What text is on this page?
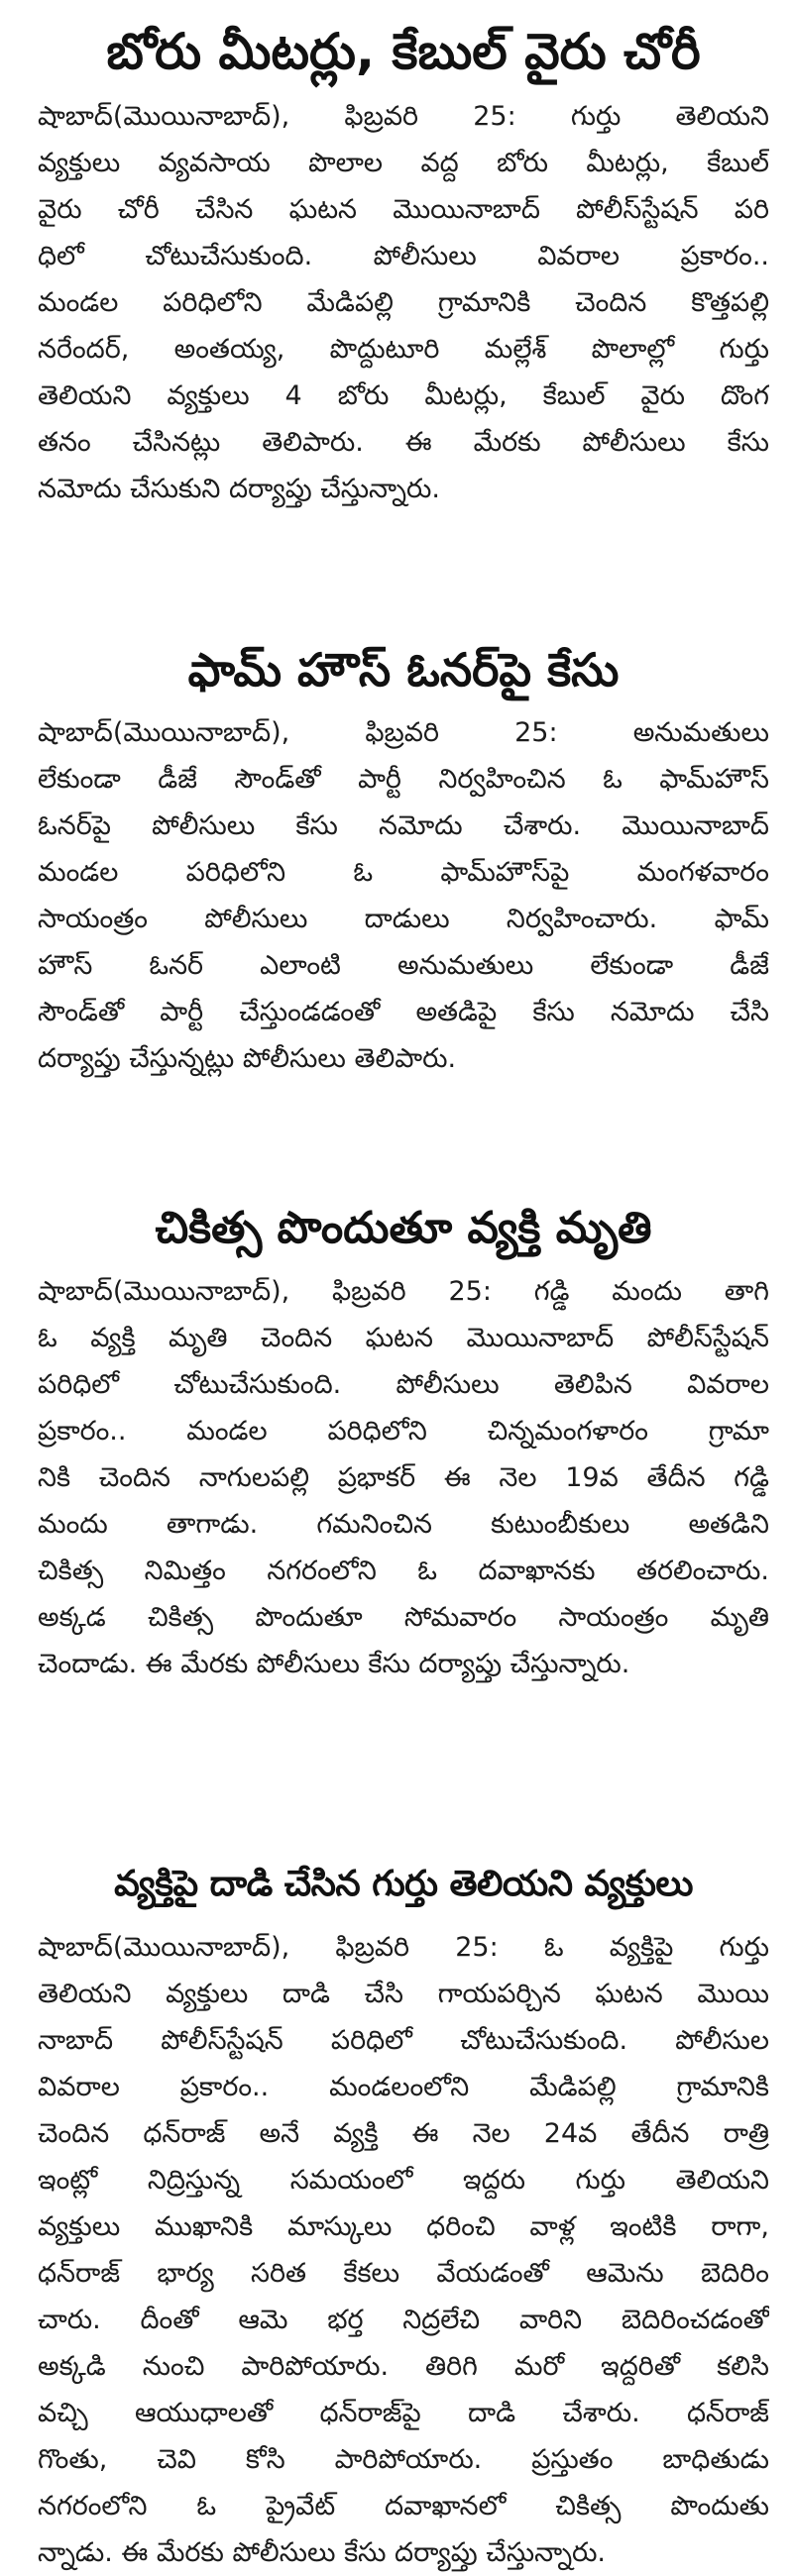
బోరు మీటర్లు, కేబుల్ వైరు చోరీ
షాబాద్(మొయినాబాద్), ఫిబ్రవరి 25: గుర్తు తెలియని
వ్యక్తులు వ్యవసాయ పొలాల వద్ద బోరు మీటర్లు, కేబుల్
వైరు చోరీ చేసిన ఘటన మొయినాబాద్ పోలీస్‌స్టేషన్ పరి
ధిలో చోటుచేసుకుంది. పోలీసులు వివరాల ప్రకారం..
మండల పరిధిలోని మేడిపల్లి గ్రామానికి చెందిన కొత్తపల్లి
నరేందర్, అంతయ్య, పొద్దుటూరి మల్లేశ్ పొలాల్లో గుర్తు
తెలియని వ్యక్తులు 4 బోరు మీటర్లు, కేబుల్ వైరు దొంగ
తనం చేసినట్లు తెలిపారు. ఈ మేరకు పోలీసులు కేసు
నమోదు చేసుకుని దర్యాప్తు చేస్తున్నారు.
ఫామ్ హౌస్ ఓనర్‌పై కేసు
షాబాద్(మొయినాబాద్), ఫిబ్రవరి 25: అనుమతులు
లేకుండా డీజే సౌండ్‌తో పార్టీ నిర్వహించిన ఓ ఫామ్‌హౌస్
ఓనర్‌పై పోలీసులు కేసు నమోదు చేశారు. మొయినాబాద్
మండల పరిధిలోని ఓ ఫామ్‌హౌస్‌పై మంగళవారం
సాయంత్రం పోలీసులు దాడులు నిర్వహించారు. ఫామ్
హౌస్ ఓనర్ ఎలాంటి అనుమతులు లేకుండా డీజే
సౌండ్‌తో పార్టీ చేస్తుండడంతో అతడిపై కేసు నమోదు చేసి
దర్యాప్తు చేస్తున్నట్లు పోలీసులు తెలిపారు.
చికిత్స పొందుతూ వ్యక్తి మృతి
షాబాద్(మొయినాబాద్), ఫిబ్రవరి 25: గడ్డి మందు తాగి
ఓ వ్యక్తి మృతి చెందిన ఘటన మొయినాబాద్ పోలీస్‌స్టేషన్
పరిధిలో చోటుచేసుకుంది. పోలీసులు తెలిపిన వివరాల
ప్రకారం.. మండల పరిధిలోని చిన్నమంగళారం గ్రామా
నికి చెందిన నాగులపల్లి ప్రభాకర్ ఈ నెల 19వ తేదీన గడ్డి
మందు తాగాడు. గమనించిన కుటుంబీకులు అతడిని
చికిత్స నిమిత్తం నగరంలోని ఓ దవాఖానకు తరలించారు.
అక్కడ చికిత్స పొందుతూ సోమవారం సాయంత్రం మృతి
చెందాడు. ఈ మేరకు పోలీసులు కేసు దర్యాప్తు చేస్తున్నారు.
వ్యక్తిపై దాడి చేసిన గుర్తు తెలియని వ్యక్తులు
షాబాద్(మొయినాబాద్), ఫిబ్రవరి 25: ఓ వ్యక్తిపై గుర్తు
తెలియని వ్యక్తులు దాడి చేసి గాయపర్చిన ఘటన మొయి
నాబాద్ పోలీస్‌స్టేషన్ పరిధిలో చోటుచేసుకుంది. పోలీసుల
వివరాల ప్రకారం.. మండలంలోని మేడిపల్లి గ్రామానికి
చెందిన ధన్‌రాజ్ అనే వ్యక్తి ఈ నెల 24వ తేదీన రాత్రి
ఇంట్లో నిద్రిస్తున్న సమయంలో ఇద్దరు గుర్తు తెలియని
వ్యక్తులు ముఖానికి మాస్కులు ధరించి వాళ్ల ఇంటికి రాగా,
ధన్‌రాజ్ భార్య సరిత కేకలు వేయడంతో ఆమెను బెదిరిం
చారు. దీంతో ఆమె భర్త నిద్రలేచి వారిని బెదిరించడంతో
అక్కడి నుంచి పారిపోయారు. తిరిగి మరో ఇద్దరితో కలిసి
వచ్చి ఆయుధాలతో ధన్‌రాజ్‌పై దాడి చేశారు. ధన్‌రాజ్
గొంతు, చెవి కోసి పారిపోయారు. ప్రస్తుతం బాధితుడు
నగరంలోని ఓ ప్రైవేట్ దవాఖానలో చికిత్స పొందుతు
న్నాడు. ఈ మేరకు పోలీసులు కేసు దర్యాప్తు చేస్తున్నారు.
